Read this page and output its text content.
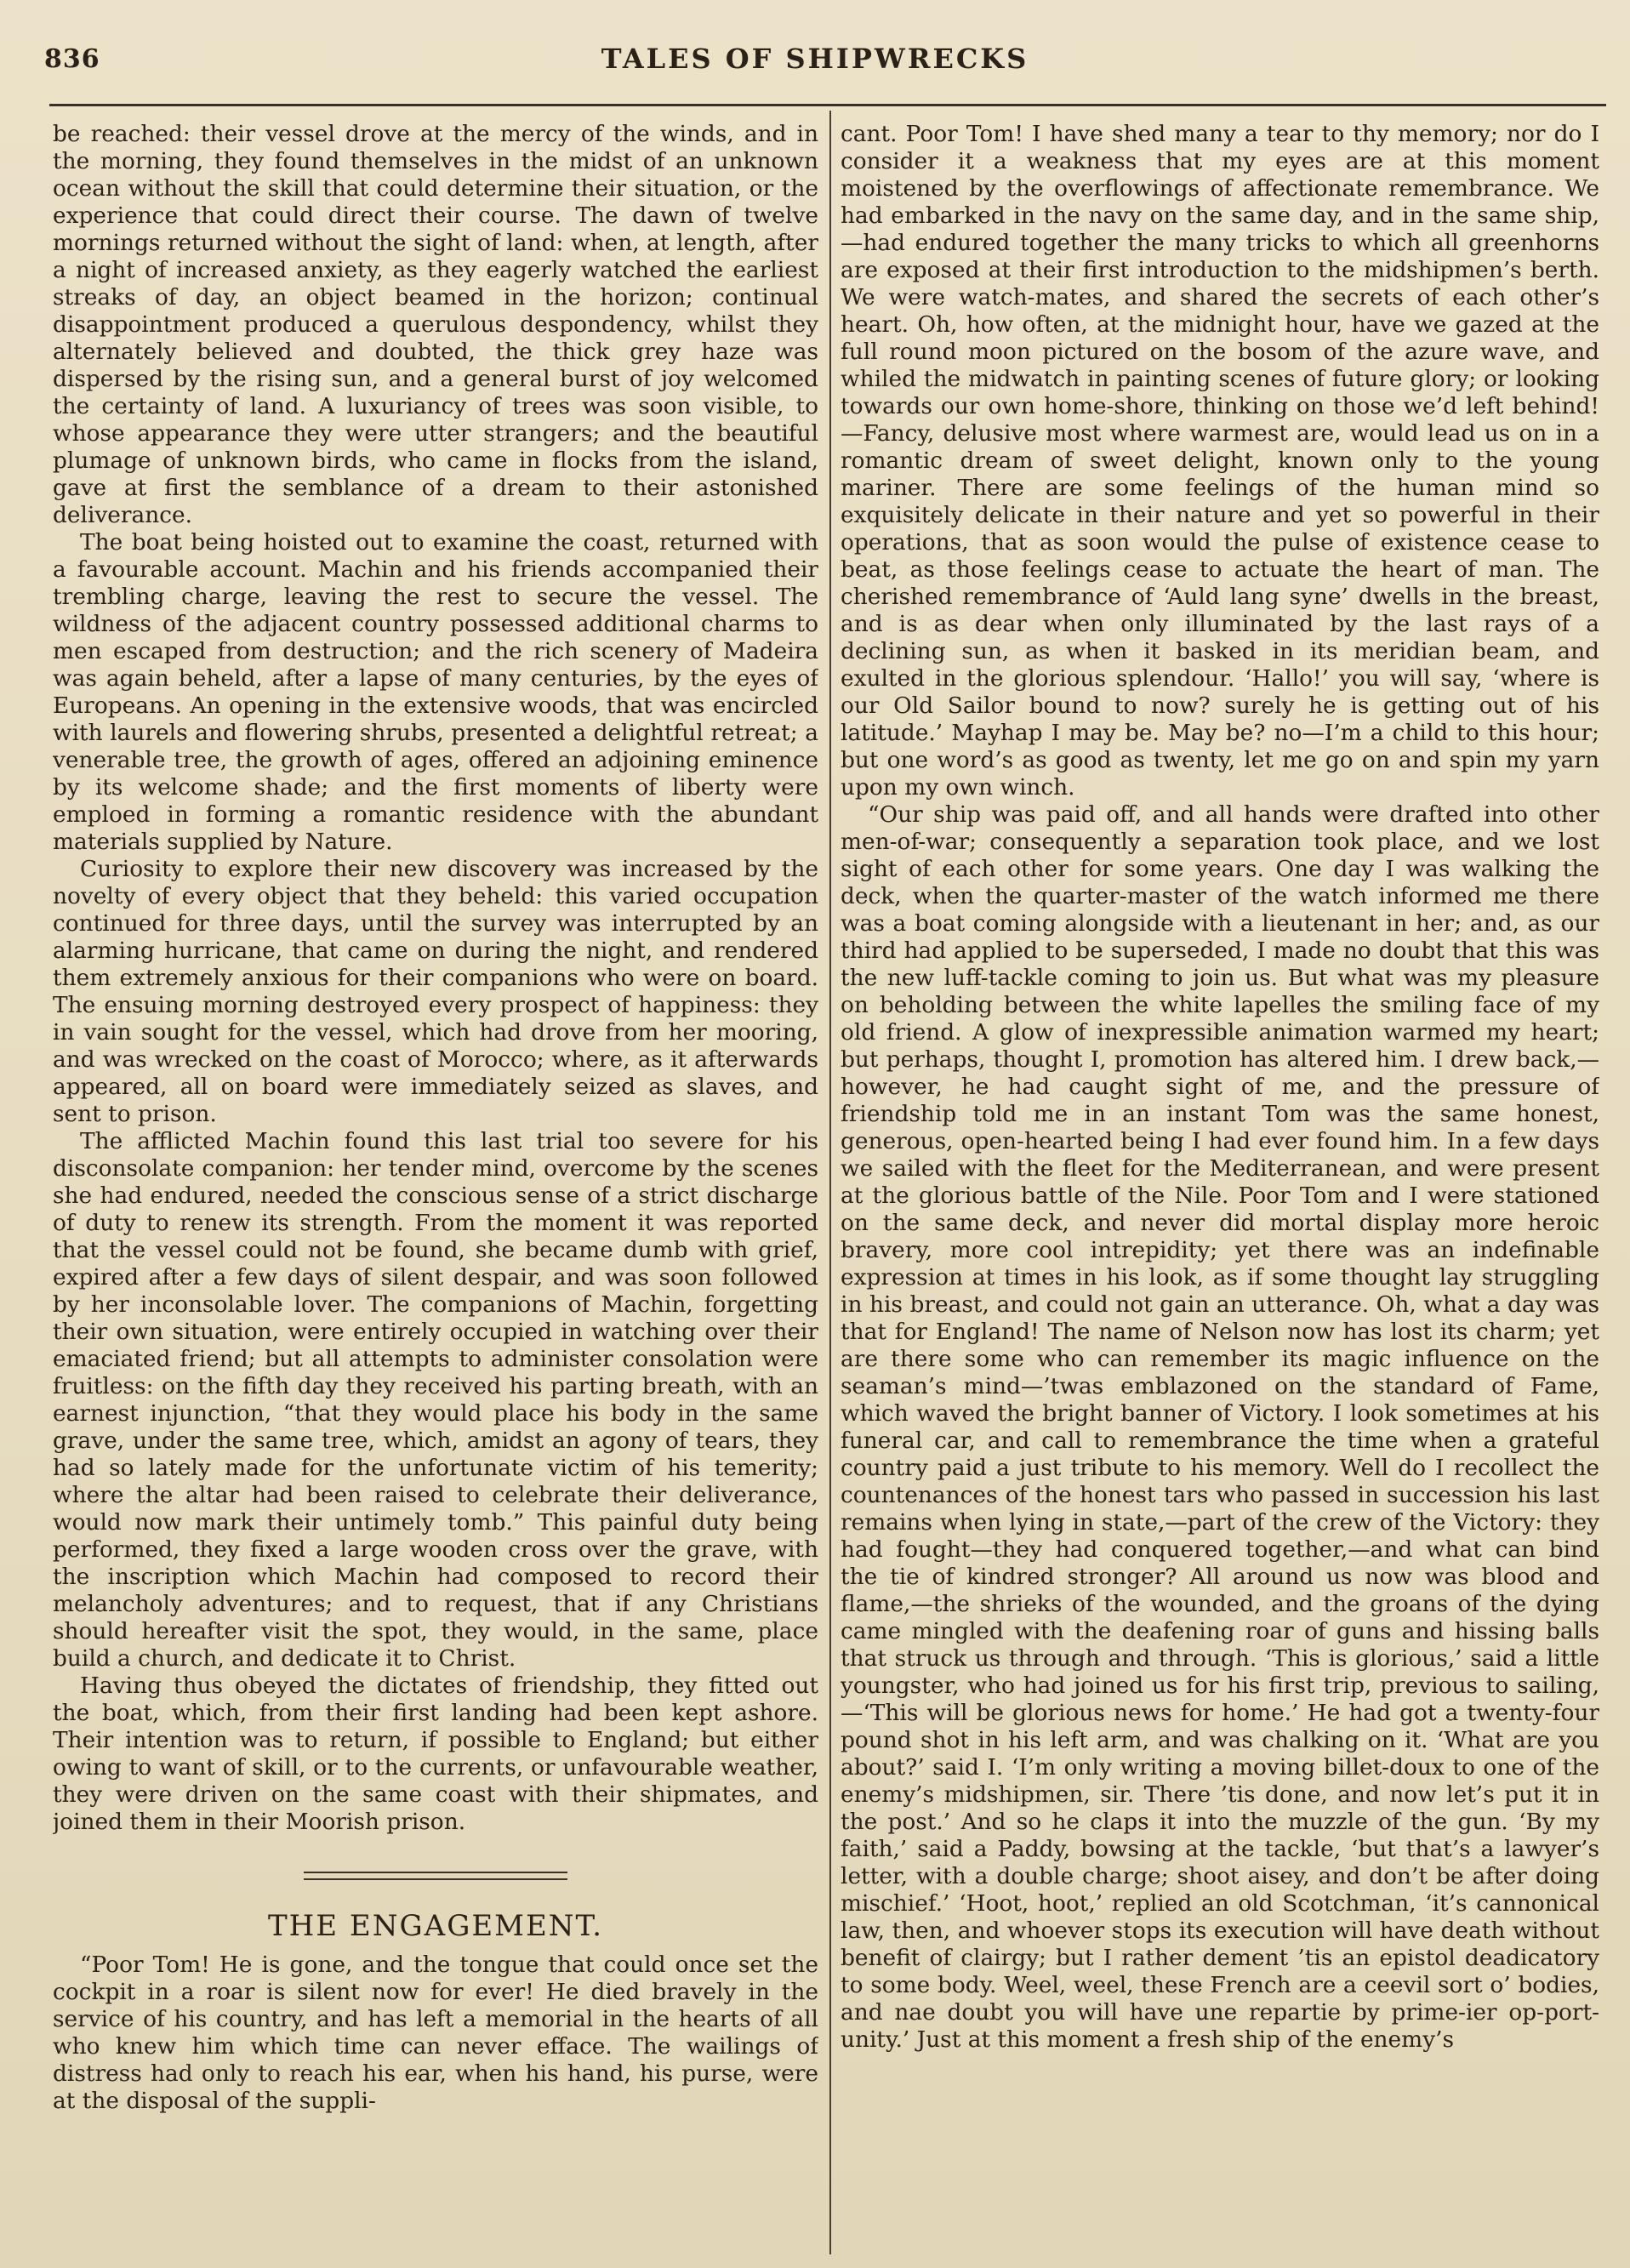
836	TALES OF SHIPWRECKS

be reached: their vessel drove at the mercy of the winds, and in the morning, they found themselves in the midst of an unknown ocean without the skill that could determine their situation, or the experience that could direct their course. The dawn of twelve mornings returned without the sight of land: when, at length, after a night of increased anxiety, as they eagerly watched the earliest streaks of day, an object beamed in the horizon; continual disappointment produced a querulous despondency, whilst they alternately believed and doubted, the thick grey haze was dispersed by the rising sun, and a general burst of joy welcomed the certainty of land. A luxuriancy of trees was soon visible, to whose appearance they were utter strangers; and the beautiful plumage of unknown birds, who came in flocks from the island, gave at first the semblance of a dream to their astonished deliverance.

The boat being hoisted out to examine the coast, returned with a favourable account. Machin and his friends accompanied their trembling charge, leaving the rest to secure the vessel. The wildness of the adjacent country possessed additional charms to men escaped from destruction; and the rich scenery of Madeira was again beheld, after a lapse of many centuries, by the eyes of Europeans. An opening in the extensive woods, that was encircled with laurels and flowering shrubs, presented a delightful retreat; a venerable tree, the growth of ages, offered an adjoining eminence by its welcome shade; and the first moments of liberty were emploed in forming a romantic residence with the abundant materials supplied by Nature.

Curiosity to explore their new discovery was increased by the novelty of every object that they beheld: this varied occupation continued for three days, until the survey was interrupted by an alarming hurricane, that came on during the night, and rendered them extremely anxious for their companions who were on board. The ensuing morning destroyed every prospect of happiness: they in vain sought for the vessel, which had drove from her mooring, and was wrecked on the coast of Morocco; where, as it afterwards appeared, all on board were immediately seized as slaves, and sent to prison.

The afflicted Machin found this last trial too severe for his disconsolate companion: her tender mind, overcome by the scenes she had endured, needed the conscious sense of a strict discharge of duty to renew its strength. From the moment it was reported that the vessel could not be found, she became dumb with grief, expired after a few days of silent despair, and was soon followed by her inconsolable lover. The companions of Machin, forgetting their own situation, were entirely occupied in watching over their emaciated friend; but all attempts to administer consolation were fruitless: on the fifth day they received his parting breath, with an earnest injunction, “that they would place his body in the same grave, under the same tree, which, amidst an agony of tears, they had so lately made for the unfortunate victim of his temerity; where the altar had been raised to celebrate their deliverance, would now mark their untimely tomb.” This painful duty being performed, they fixed a large wooden cross over the grave, with the inscription which Machin had composed to record their melancholy adventures; and to request, that if any Christians should hereafter visit the spot, they would, in the same, place build a church, and dedicate it to Christ.

Having thus obeyed the dictates of friendship, they fitted out the boat, which, from their first landing had been kept ashore. Their intention was to return, if possible to England; but either owing to want of skill, or to the currents, or unfavourable weather, they were driven on the same coast with their shipmates, and joined them in their Moorish prison.

THE ENGAGEMENT.

“Poor Tom! He is gone, and the tongue that could once set the cockpit in a roar is silent now for ever! He died bravely in the service of his country, and has left a memorial in the hearts of all who knew him which time can never efface. The wailings of distress had only to reach his ear, when his hand, his purse, were at the disposal of the suppli-

cant. Poor Tom! I have shed many a tear to thy memory; nor do I consider it a weakness that my eyes are at this moment moistened by the overflowings of affectionate remembrance. We had embarked in the navy on the same day, and in the same ship,—had endured together the many tricks to which all greenhorns are exposed at their first introduction to the midshipmen’s berth. We were watch-mates, and shared the secrets of each other’s heart. Oh, how often, at the midnight hour, have we gazed at the full round moon pictured on the bosom of the azure wave, and whiled the midwatch in painting scenes of future glory; or looking towards our own home-shore, thinking on those we’d left behind!—Fancy, delusive most where warmest are, would lead us on in a romantic dream of sweet delight, known only to the young mariner. There are some feelings of the human mind so exquisitely delicate in their nature and yet so powerful in their operations, that as soon would the pulse of existence cease to beat, as those feelings cease to actuate the heart of man. The cherished remembrance of ‘Auld lang syne’ dwells in the breast, and is as dear when only illuminated by the last rays of a declining sun, as when it basked in its meridian beam, and exulted in the glorious splendour. ‘Hallo!’ you will say, ‘where is our Old Sailor bound to now? surely he is getting out of his latitude.’ Mayhap I may be. May be? no—I’m a child to this hour; but one word’s as good as twenty, let me go on and spin my yarn upon my own winch.

“Our ship was paid off, and all hands were drafted into other men-of-war; consequently a separation took place, and we lost sight of each other for some years. One day I was walking the deck, when the quarter-master of the watch informed me there was a boat coming alongside with a lieutenant in her; and, as our third had applied to be superseded, I made no doubt that this was the new luff-tackle coming to join us. But what was my pleasure on beholding between the white lapelles the smiling face of my old friend. A glow of inexpressible animation warmed my heart; but perhaps, thought I, promotion has altered him. I drew back,—however, he had caught sight of me, and the pressure of friendship told me in an instant Tom was the same honest, generous, open-hearted being I had ever found him. In a few days we sailed with the fleet for the Mediterranean, and were present at the glorious battle of the Nile. Poor Tom and I were stationed on the same deck, and never did mortal display more heroic bravery, more cool intrepidity; yet there was an indefinable expression at times in his look, as if some thought lay struggling in his breast, and could not gain an utterance. Oh, what a day was that for England! The name of Nelson now has lost its charm; yet are there some who can remember its magic influence on the seaman’s mind—’twas emblazoned on the standard of Fame, which waved the bright banner of Victory. I look sometimes at his funeral car, and call to remembrance the time when a grateful country paid a just tribute to his memory. Well do I recollect the countenances of the honest tars who passed in succession his last remains when lying in state,—part of the crew of the Victory: they had fought—they had conquered together,—and what can bind the tie of kindred stronger? All around us now was blood and flame,—the shrieks of the wounded, and the groans of the dying came mingled with the deafening roar of guns and hissing balls that struck us through and through. ‘This is glorious,’ said a little youngster, who had joined us for his first trip, previous to sailing,—‘This will be glorious news for home.’ He had got a twenty-four pound shot in his left arm, and was chalking on it. ‘What are you about?’ said I. ‘I’m only writing a moving billet-doux to one of the enemy’s midshipmen, sir. There ’tis done, and now let’s put it in the post.’ And so he claps it into the muzzle of the gun. ‘By my faith,’ said a Paddy, bowsing at the tackle, ‘but that’s a lawyer’s letter, with a double charge; shoot aisey, and don’t be after doing mischief.’ ‘Hoot, hoot,’ replied an old Scotchman, ‘it’s cannonical law, then, and whoever stops its execution will have death without benefit of clairgy; but I rather dement ’tis an epistol deadicatory to some body. Weel, weel, these French are a ceevil sort o’ bodies, and nae doubt you will have une repartie by prime-ier op-port-unity.’ Just at this moment a fresh ship of the enemy’s
